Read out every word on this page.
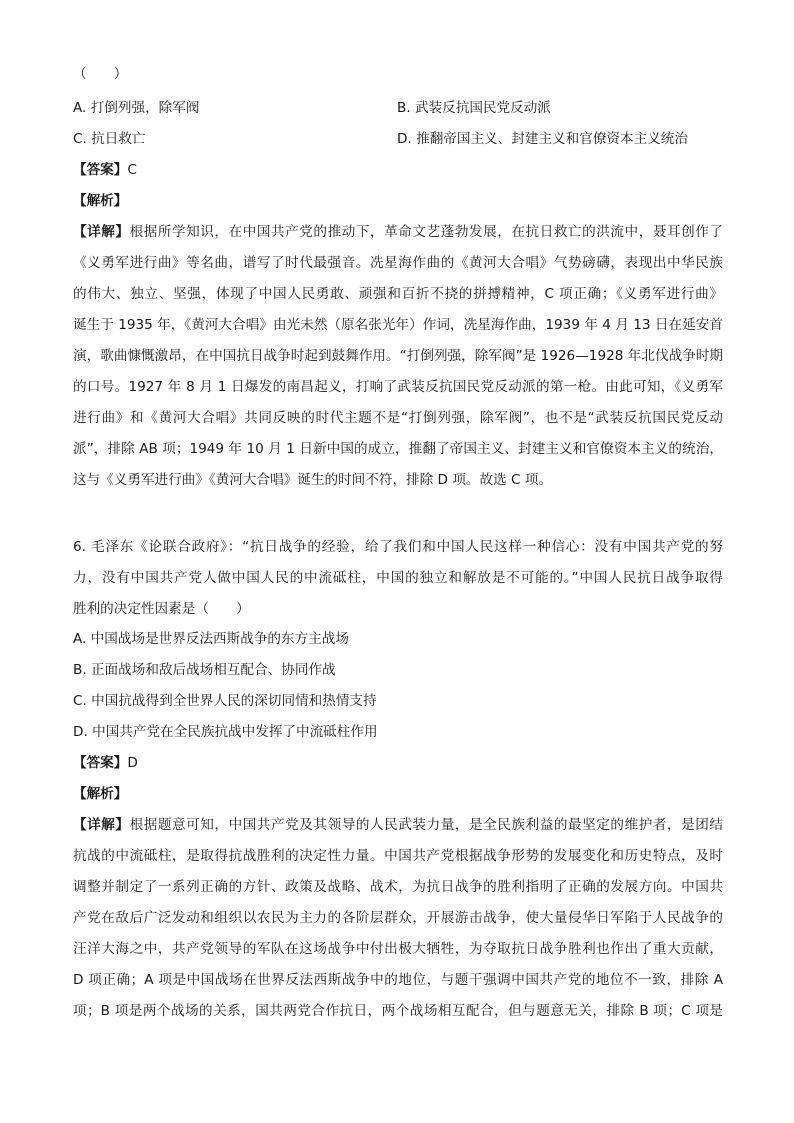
（　　）
A. 打倒列强，除军阀	B. 武装反抗国民党反动派
C. 抗日救亡	D. 推翻帝国主义、封建主义和官僚资本主义统治
【答案】C
【解析】
【详解】根据所学知识，在中国共产党的推动下，革命文艺蓬勃发展，在抗日救亡的洪流中，聂耳创作了
《义勇军进行曲》等名曲，谱写了时代最强音。冼星海作曲的《黄河大合唱》气势磅礴，表现出中华民族
的伟大、独立、坚强，体现了中国人民勇敢、顽强和百折不挠的拼搏精神，C 项正确；《义勇军进行曲》
诞生于 1935 年，《黄河大合唱》由光未然（原名张光年）作词，冼星海作曲，1939 年 4 月 13 日在延安首
演，歌曲慷慨激昂，在中国抗日战争时起到鼓舞作用。“打倒列强，除军阀”是 1926—1928 年北伐战争时期
的口号。1927 年 8 月 1 日爆发的南昌起义，打响了武装反抗国民党反动派的第一枪。由此可知，《义勇军
进行曲》和《黄河大合唱》共同反映的时代主题不是“打倒列强，除军阀”，也不是“武装反抗国民党反动
派”，排除 AB 项；1949 年 10 月 1 日新中国的成立，推翻了帝国主义、封建主义和官僚资本主义的统治，
这与《义勇军进行曲》《黄河大合唱》诞生的时间不符，排除 D 项。故选 C 项。
6. 毛泽东《论联合政府》：“抗日战争的经验，给了我们和中国人民这样一种信心：没有中国共产党的努
力，没有中国共产党人做中国人民的中流砥柱，中国的独立和解放是不可能的。”中国人民抗日战争取得
胜利的决定性因素是（　　）
A. 中国战场是世界反法西斯战争的东方主战场
B. 正面战场和敌后战场相互配合、协同作战
C. 中国抗战得到全世界人民的深切同情和热情支持
D. 中国共产党在全民族抗战中发挥了中流砥柱作用
【答案】D
【解析】
【详解】根据题意可知，中国共产党及其领导的人民武装力量，是全民族利益的最坚定的维护者，是团结
抗战的中流砥柱，是取得抗战胜利的决定性力量。中国共产党根据战争形势的发展变化和历史特点，及时
调整并制定了一系列正确的方针、政策及战略、战术，为抗日战争的胜利指明了正确的发展方向。中国共
产党在敌后广泛发动和组织以农民为主力的各阶层群众，开展游击战争，使大量侵华日军陷于人民战争的
汪洋大海之中，共产党领导的军队在这场战争中付出极大牺牲，为夺取抗日战争胜利也作出了重大贡献，
D 项正确；A 项是中国战场在世界反法西斯战争中的地位，与题干强调中国共产党的地位不一致，排除 A
项；B 项是两个战场的关系，国共两党合作抗日，两个战场相互配合，但与题意无关，排除 B 项；C 项是
